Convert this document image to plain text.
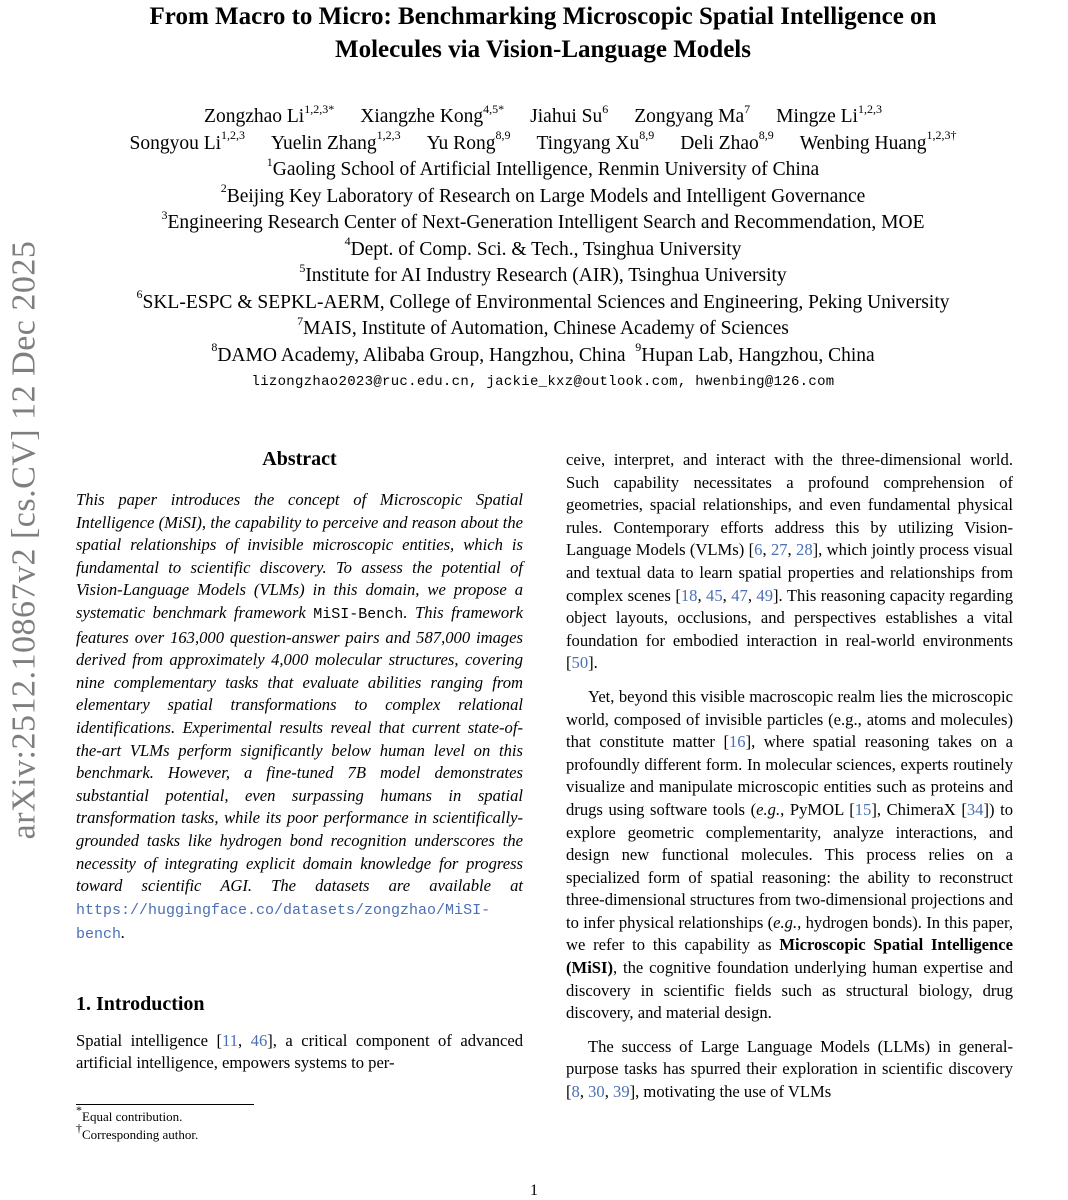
arXiv:2512.10867v2 [cs.CV] 12 Dec 2025
From Macro to Micro: Benchmarking Microscopic Spatial Intelligence on
Molecules via Vision-Language Models
Zongzhao $Li^{1,2,3*}$ Xiangzhe Kong$^{4,5*}$ Jiahui Su$^6$ Zongyang Ma$^7$ Mingze Li$^{1,2,3}$
Songyou Li$^{1,2,3}$ Yuelin Zhang$^{1,2,3}$ Yu Rong$^{8,9}$ Tingyang Xu$^{8,9}$ Deli Zhao$^{8,9}$ Wenbing Huang$^{1,2,3\dagger}$
$^1$Gaoling School of Artificial Intelligence, Renmin University of China
$^2$Beijing Key Laboratory of Research on Large Models and Intelligent Governance
$^3$Engineering Research Center of Next-Generation Intelligent Search and Recommendation, MOE
$^4$Dept. of Comp. Sci. & Tech., Tsinghua University
$^5$Institute for AI Industry Research (AIR), Tsinghua University
$^6$SKL-ESPC & SEPKL-AERM, College of Environmental Sciences and Engineering, Peking University
$^7$MAIS, Institute of Automation, Chinese Academy of Sciences
$^8$DAMO Academy, Alibaba Group, Hangzhou, China $^9$Hupan Lab, Hangzhou, China
lizongzhao2023@ruc.edu.cn, jackie_kxz@outlook.com, hwenbing@126.com
Abstract

This paper introduces the concept of Microscopic Spatial Intelligence (MiSI), the capability to perceive and reason about the spatial relationships of invisible microscopic entities, which is fundamental to scientific discovery. To assess the potential of Vision-Language Models (VLMs) in this domain, we propose a systematic benchmark framework MiSI-Bench. This framework features over 163,000 question-answer pairs and 587,000 images derived from approximately 4,000 molecular structures, covering nine complementary tasks that evaluate abilities ranging from elementary spatial transformations to complex relational identifications. Experimental results reveal that current state-of-the-art VLMs perform significantly below human level on this benchmark. However, a fine-tuned 7B model demonstrates substantial potential, even surpassing humans in spatial transformation tasks, while its poor performance in scientifically-grounded tasks like hydrogen bond recognition underscores the necessity of integrating explicit domain knowledge for progress toward scientific AGI. The datasets are available at https://huggingface.co/datasets/zongzhao/MiSI-bench.

1. Introduction

Spatial intelligence [11, 46], a critical component of advanced artificial intelligence, empowers systems to per-

ceive, interpret, and interact with the three-dimensional world. Such capability necessitates a profound comprehension of geometries, spacial relationships, and even fundamental physical rules. Contemporary efforts address this by utilizing Vision-Language Models (VLMs) [6, 27, 28], which jointly process visual and textual data to learn spatial properties and relationships from complex scenes [18, 45, 47, 49]. This reasoning capacity regarding object layouts, occlusions, and perspectives establishes a vital foundation for embodied interaction in real-world environments [50].

Yet, beyond this visible macroscopic realm lies the microscopic world, composed of invisible particles (e.g., atoms and molecules) that constitute matter [16], where spatial reasoning takes on a profoundly different form. In molecular sciences, experts routinely visualize and manipulate microscopic entities such as proteins and drugs using software tools (e.g., PyMOL [15], ChimeraX [34]) to explore geometric complementarity, analyze interactions, and design new functional molecules. This process relies on a specialized form of spatial reasoning: the ability to reconstruct three-dimensional structures from two-dimensional projections and to infer physical relationships (e.g., hydrogen bonds). In this paper, we refer to this capability as Microscopic Spatial Intelligence (MiSI), the cognitive foundation underlying human expertise and discovery in scientific fields such as structural biology, drug discovery, and material design.

The success of Large Language Models (LLMs) in general-purpose tasks has spurred their exploration in scientific discovery [8, 30, 39], motivating the use of VLMs

*Equal contribution.
†Corresponding author.
1
